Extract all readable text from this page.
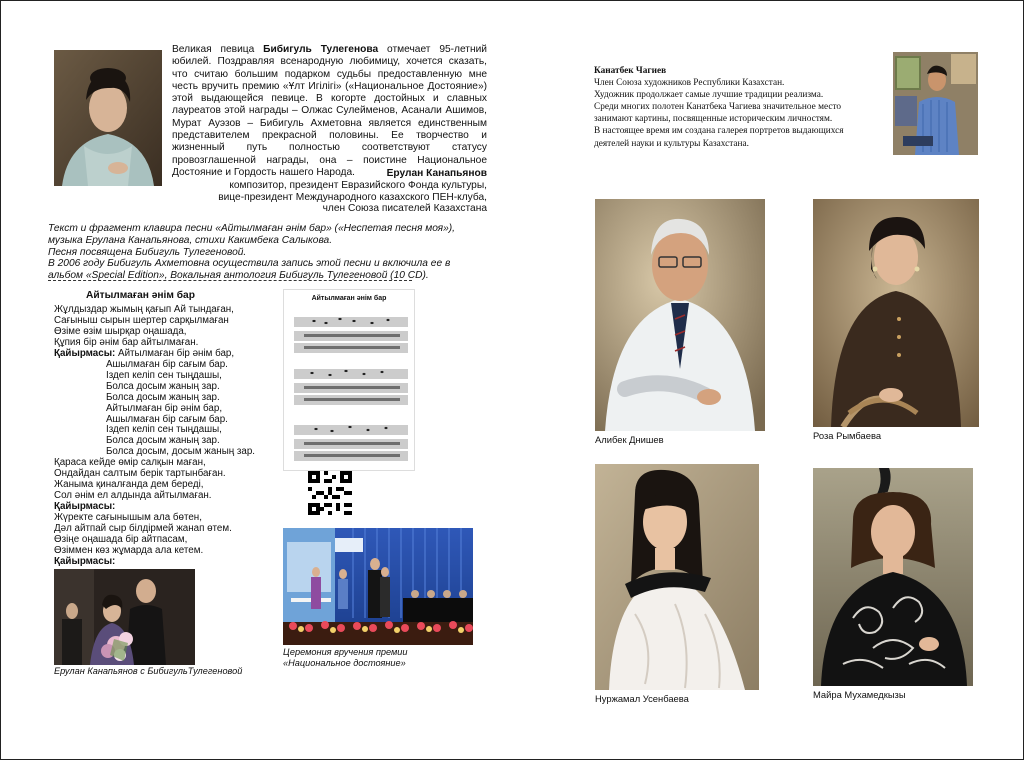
Великая певица Бибигуль Тулегенова отмечает 95-летний юбилей. Поздравляя всенародную любимицу, хочется сказать, что считаю большим подарком судьбы предоставленную мне честь вручить премию «Ұлт Игілігі» («Национальное Достояние») этой выдающейся певице. В когорте достойных и славных лауреатов этой награды – Олжас Сулейменов, Асанали Ашимов, Мурат Ауэзов – Бибигуль Ахметовна является единственным представителем прекрасной половины. Ее творчество и жизненный путь полностью соответствуют статусу провозглашенной награды, она – поистине Национальное Достояние и Гордость нашего Народа.	Ерулан Канапьянов
композитор, президент Евразийского Фонда культуры,
вице-президент Международного казахского ПЕН-клуба,
член Союза писателей Казахстана
Текст и фрагмент клавира песни «Айтылмаған әнім бар» («Неспетая песня моя»),
музыка Ерулана Канапьянова, стихи Какимбека Салыкова.
Песня посвящена Бибигуль Тулегеновой.
В 2006 году Бибигуль Ахметовна осуществила запись этой песни и включила ее в
альбом «Special Edition», Вокальная антология Бибигуль Тулегеновой (10 CD).
Айтылмаған әнім бар
Жұлдыздар жымың қағып Ай тындаған,
Сағыныш сырын шертер сарқылмаған
Өзіме өзім шырқар оңашада,
Құпия бір әнім бар айтылмаған.
Қайырмасы: Айтылмаған бір әнім бар,
Ашылмаған бір сағым бар.
Іздеп келіп сен тыңдашы,
Болса досым жаның зар.
Болса досым жаның зар.
Айтылмаған бір әнім бар,
Ашылмаған бір сағым бар.
Іздеп келіп сен тыңдашы,
Болса досым жаның зар.
Болса досым, досым жаның зар.
Қараса кейде өмір салқын маған,
Ондайдан салтым берік тартынбаған.
Жаныма қиналғанда дем береді,
Сол әнім ел алдында айтылмаған.
Қайырмасы:
Жүректе сағынышым ала бөтен,
Дәл айтпай сыр білдірмей жанап өтем.
Өзіңе оңашада бір айтпасам,
Өзіммен көз жұмарда ала кетем.
Қайырмасы:
Айтылмаған әнім бар
Ерулан Канапьянов с БибигульТулегеновой
Церемония вручения премии
«Национальное достояние»
Канатбек Чагиев
Член Союза художников Республики Казахстан.
Художник продолжает самые лучшие традиции реализма.
Среди многих полотен Канатбека Чагиева значительное место
занимают картины, посвященные историческим личностям.
В настоящее время им создана галерея портретов выдающихся
деятелей науки и культуры Казахстана.
Алибек Днишев	Роза Рымбаева
Нуржамал Усенбаева	Майра Мухамедкызы
